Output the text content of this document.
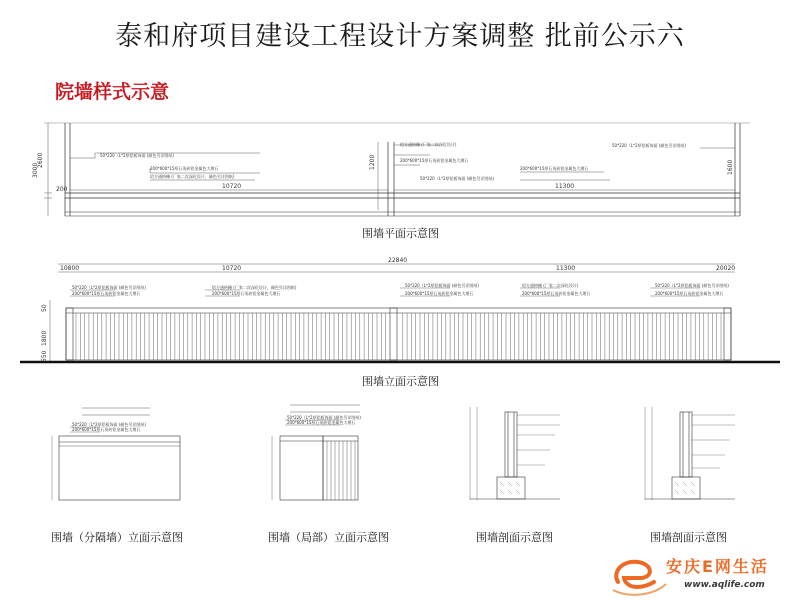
泰和府项目建设工程设计方案调整 批前公示六
院墙样式示意
50*220（L*2厚铝板饰面 (颜色另详图纸)
200*600*15厚石英砖铝金属色大理石
铝方通格栅 (厂家二次深化设计，颜色另详图纸)
铝方通格栅 (厂家二次深化设计)
200*600*15厚石英砖铝金属色大理石
50*220（L*2厚铝板饰面 (颜色另详图纸)
200*600*15厚石英砖铝金属色大理石
50*220（L*2厚铝板饰面 (颜色另详图纸)
10720	11300
3000
2600
200
1200	1600
50*220（L*2厚铝板饰面 (颜色另详图纸)
200*600*15厚石英砖铝金属色大理石
铝方通格栅 (厂家二次深化设计，颜色另详图纸)
200*600*15厚石英砖铝金属色大理石
50*220（L*2厚铝板饰面 (颜色另详图纸)
200*600*15厚石英砖铝金属色大理石
铝方通格栅 (厂家二次深化设计)
200*600*15厚石英砖铝金属色大理石
50*220（L*2厚铝板饰面 (颜色另详图纸)
200*600*15厚石英砖铝金属色大理石
22840
10800	10720	11300	20020
50
1800
550
50*220（L*2厚铝板饰面 (颜色另详图纸)
200*600*15厚石英砖铝金属色大理石
50*220（L*2厚铝板饰面 (颜色另详图纸)
200*600*15厚石英砖铝金属色大理石
围墙平面示意图
围墙立面示意图
围墙（分隔墙）立面示意图	围墙（局部）立面示意图	围墙剖面示意图	围墙剖面示意图
安庆E网生活
www.aqlife.com
